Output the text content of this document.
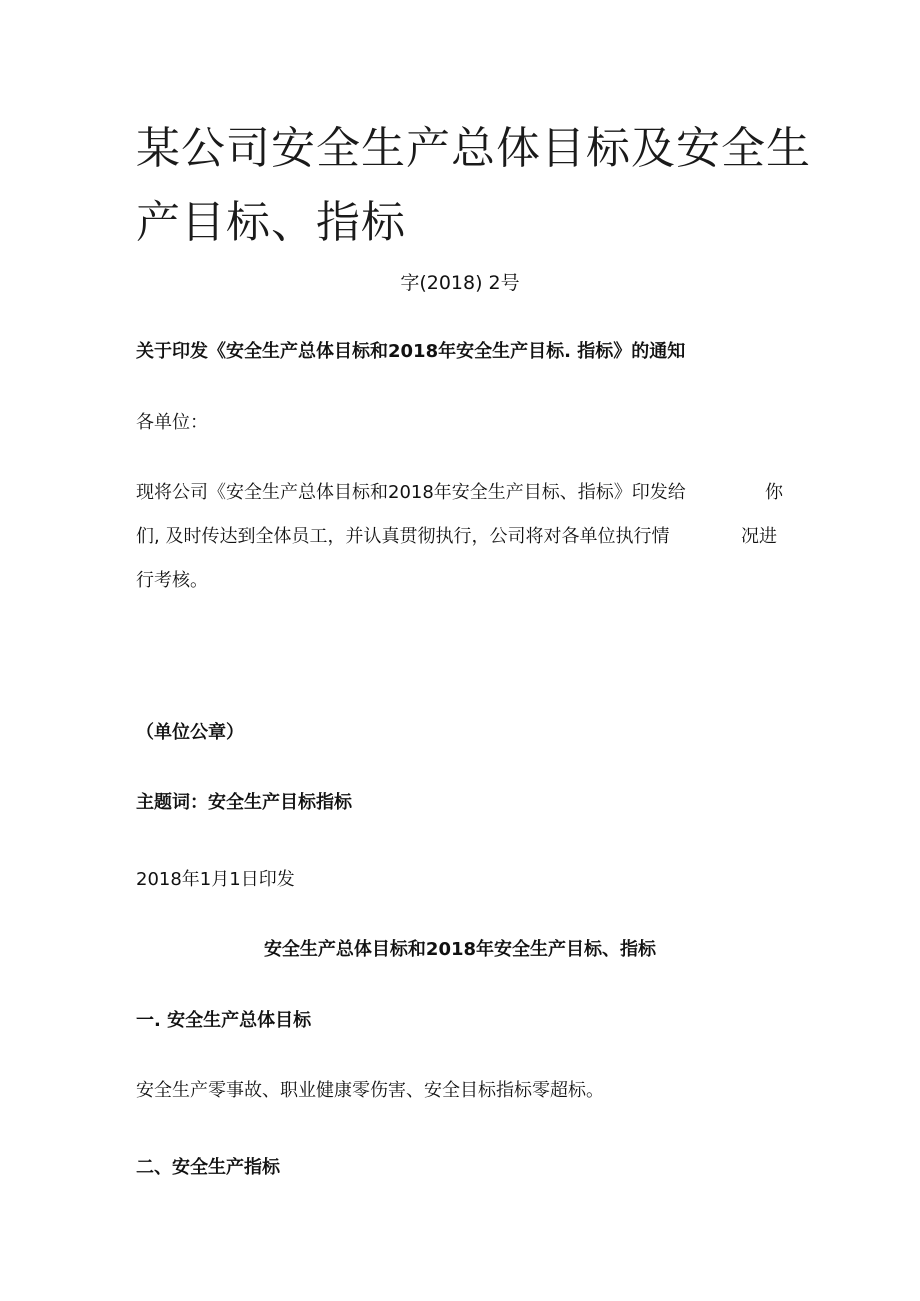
某公司安全生产总体目标及安全生
产目标、指标
字(2018) 2号
关于印发《安全生产总体目标和2018年安全生产目标. 指标》的通知
各单位：
现将公司《安全生产总体目标和2018年安全生产目标、指标》印发给	你
们, 及时传达到全体员工，并认真贯彻执行，公司将对各单位执行情	况进
行考核。
（单位公章）
主题词：安全生产目标指标
2018年1月1日印发
安全生产总体目标和2018年安全生产目标、指标
一. 安全生产总体目标
安全生产零事故、职业健康零伤害、安全目标指标零超标。
二、安全生产指标
